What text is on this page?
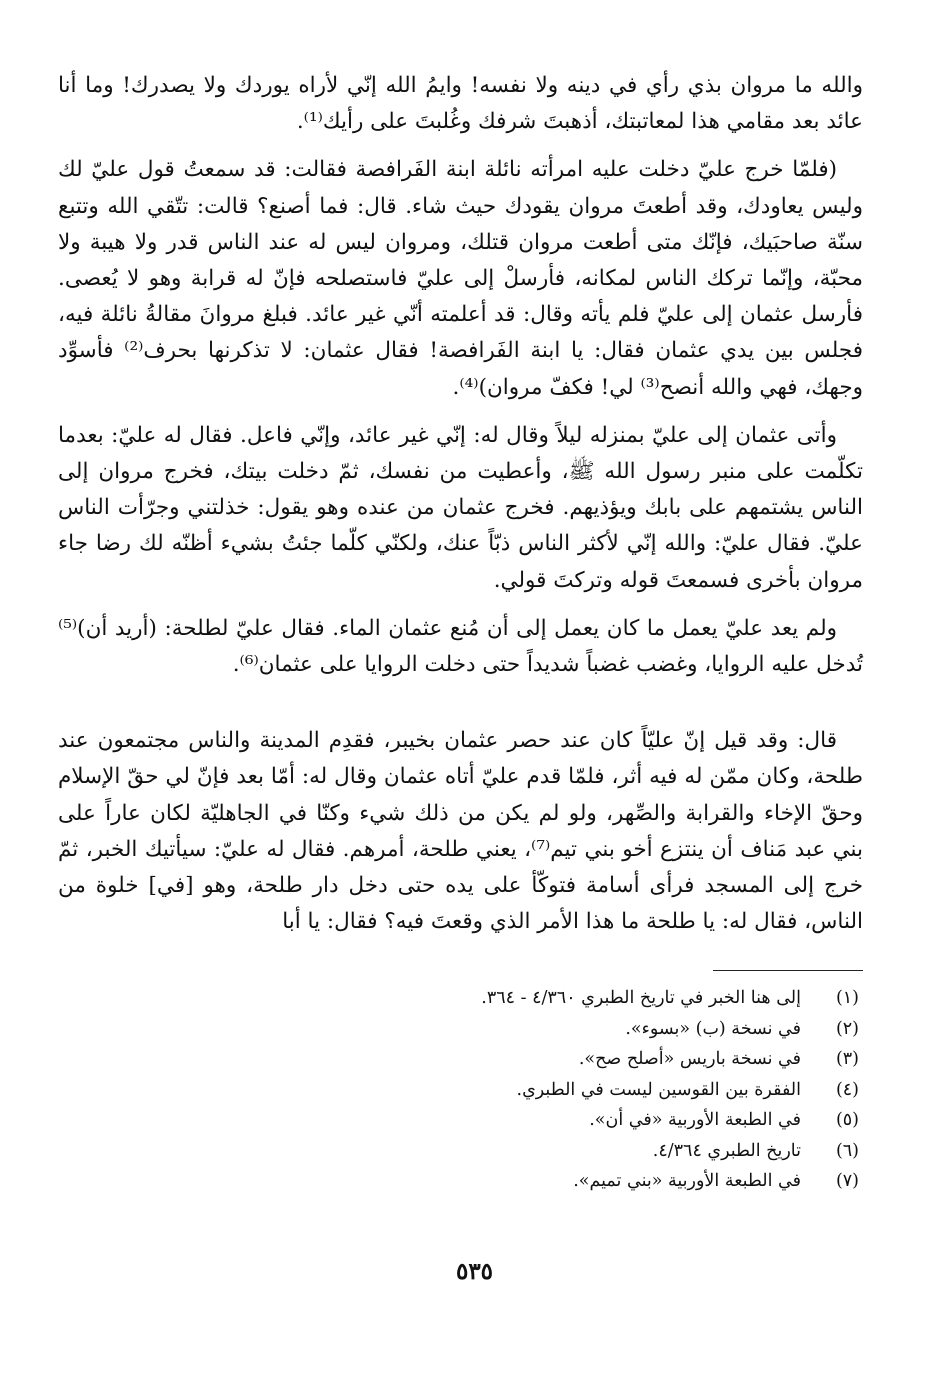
والله ما مروان بذي رأي في دينه ولا نفسه! وايمُ الله إنّي لأراه يوردك ولا يصدرك! وما أنا عائد بعد مقامي هذا لمعاتبتك، أذهبتَ شرفك وغُلبتَ على رأيك⁽¹⁾.

(فلمّا خرج عليّ دخلت عليه امرأته نائلة ابنة الفَرافصة فقالت: قد سمعتُ قول عليّ لك وليس يعاودك، وقد أطعتَ مروان يقودك حيث شاء. قال: فما أصنع؟ قالت: تتّقي الله وتتبع سنّة صاحبَيك، فإنّك متى أطعت مروان قتلك، ومروان ليس له عند الناس قدر ولا هيبة ولا محبّة، وإنّما تركك الناس لمكانه، فأرسلْ إلى عليّ فاستصلحه فإنّ له قرابة وهو لا يُعصى. فأرسل عثمان إلى عليّ فلم يأته وقال: قد أعلمته أنّي غير عائد. فبلغ مروانَ مقالةُ نائلة فيه، فجلس بين يدي عثمان فقال: يا ابنة الفَرافصة! فقال عثمان: لا تذكرنها بحرف⁽²⁾ فأسوِّد وجهك، فهي والله أنصح⁽³⁾ لي! فكفّ مروان)⁽⁴⁾.

وأتى عثمان إلى عليّ بمنزله ليلاً وقال له: إنّي غير عائد، وإنّي فاعل. فقال له عليّ: بعدما تكلّمت على منبر رسول الله ﷺ، وأعطيت من نفسك، ثمّ دخلت بيتك، فخرج مروان إلى الناس يشتمهم على بابك ويؤذيهم. فخرج عثمان من عنده وهو يقول: خذلتني وجرّأت الناس عليّ. فقال عليّ: والله إنّي لأكثر الناس ذبّاً عنك، ولكنّي كلّما جئتُ بشيء أظنّه لك رضا جاء مروان بأخرى فسمعتَ قوله وتركتَ قولي.

ولم يعد عليّ يعمل ما كان يعمل إلى أن مُنع عثمان الماء. فقال عليّ لطلحة: (أريد أن)⁽⁵⁾ تُدخل عليه الروايا، وغضب غضباً شديداً حتى دخلت الروايا على عثمان⁽⁶⁾.

قال: وقد قيل إنّ عليّاً كان عند حصر عثمان بخيبر، فقدِم المدينة والناس مجتمعون عند طلحة، وكان ممّن له فيه أثر، فلمّا قدم عليّ أتاه عثمان وقال له: أمّا بعد فإنّ لي حقّ الإسلام وحقّ الإخاء والقرابة والصِّهر، ولو لم يكن من ذلك شيء وكنّا في الجاهليّة لكان عاراً على بني عبد مَناف أن ينتزع أخو بني تيم⁽⁷⁾، يعني طلحة، أمرهم. فقال له عليّ: سيأتيك الخبر، ثمّ خرج إلى المسجد فرأى أسامة فتوكّأ على يده حتى دخل دار طلحة، وهو [في] خلوة من الناس، فقال له: يا طلحة ما هذا الأمر الذي وقعتَ فيه؟ فقال: يا أبا

(١)
إلى هنا الخبر في تاريخ الطبري ٤/٣٦٠ - ٣٦٤.
(٢)
في نسخة (ب) «بسوء».
(٣)
في نسخة باريس «أصلح صح».
(٤)
الفقرة بين القوسين ليست في الطبري.
(٥)
في الطبعة الأوربية «في أن».
(٦)
تاريخ الطبري ٤/٣٦٤.
(٧)
في الطبعة الأوربية «بني تميم».
٥٣٥
